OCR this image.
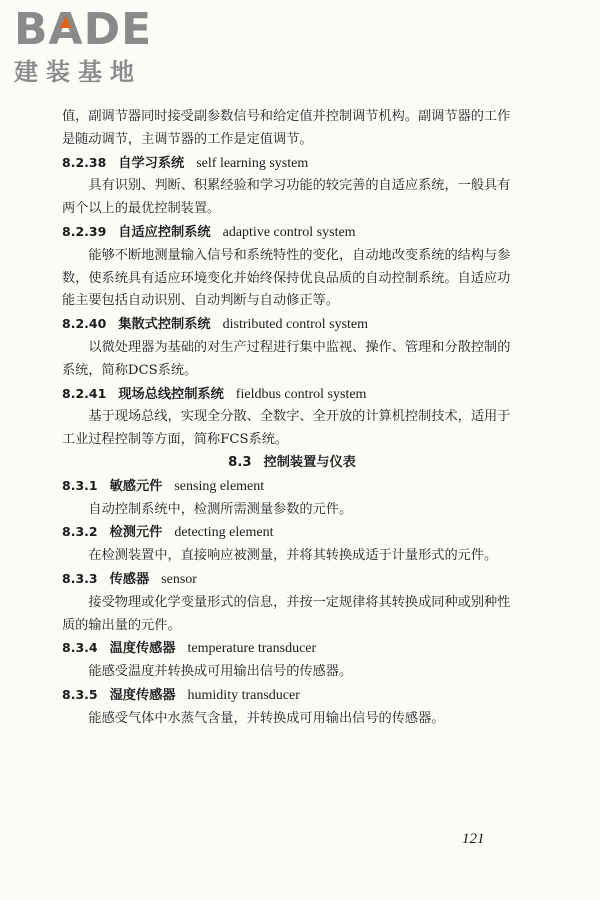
B A DE
建装基地

值，副调节器同时接受副参数信号和给定值并控制调节机构。副调节器的工作是随动调节，主调节器的工作是定值调节。

8.2.38 自学习系统 self learning system

具有识别、判断、积累经验和学习功能的较完善的自适应系统，一般具有两个以上的最优控制装置。

8.2.39 自适应控制系统 adaptive control system

能够不断地测量输入信号和系统特性的变化，自动地改变系统的结构与参数，使系统具有适应环境变化并始终保持优良品质的自动控制系统。自适应功能主要包括自动识别、自动判断与自动修正等。

8.2.40 集散式控制系统 distributed control system

以微处理器为基础的对生产过程进行集中监视、操作、管理和分散控制的系统，简称DCS系统。

8.2.41 现场总线控制系统 fieldbus control system

基于现场总线，实现全分散、全数字、全开放的计算机控制技术，适用于工业过程控制等方面，简称FCS系统。

8.3 控制装置与仪表

8.3.1 敏感元件 sensing element

自动控制系统中，检测所需测量参数的元件。

8.3.2 检测元件 detecting element

在检测装置中，直接响应被测量，并将其转换成适于计量形式的元件。

8.3.3 传感器 sensor

接受物理或化学变量形式的信息，并按一定规律将其转换成同种或别种性质的输出量的元件。

8.3.4 温度传感器 temperature transducer

能感受温度并转换成可用输出信号的传感器。

8.3.5 湿度传感器 humidity transducer

能感受气体中水蒸气含量，并转换成可用输出信号的传感器。

121
